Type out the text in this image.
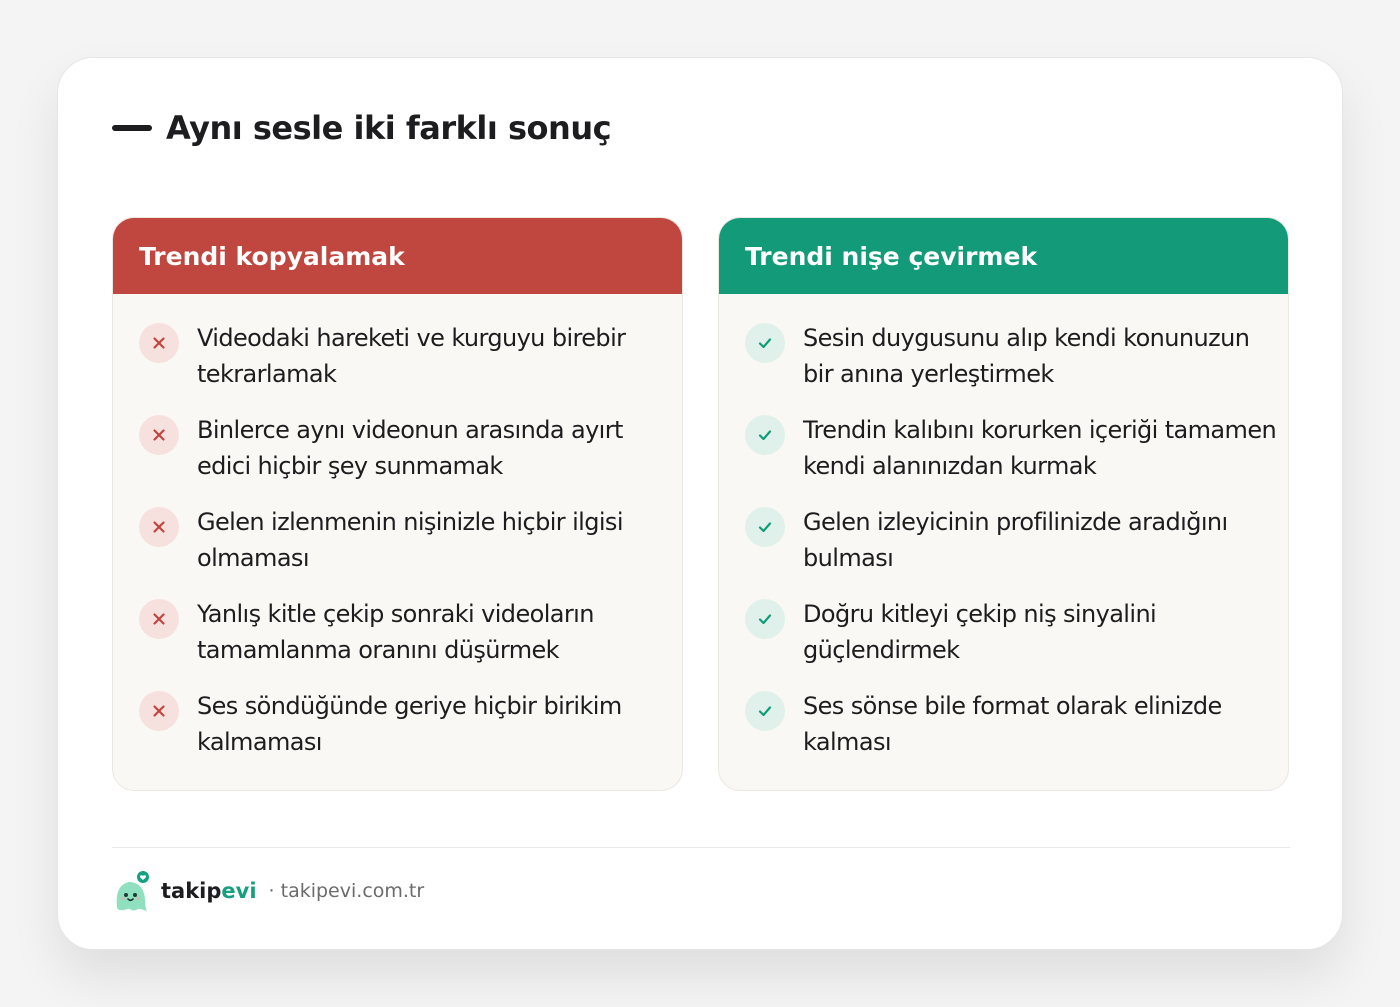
Aynı sesle iki farklı sonuç
Trendi kopyalamak
Videodaki hareketi ve kurguyu birebir tekrarlamak
Binlerce aynı videonun arasında ayırt edici hiçbir şey sunmamak
Gelen izlenmenin nişinizle hiçbir ilgisi olmaması
Yanlış kitle çekip sonraki videoların tamamlanma oranını düşürmek
Ses söndüğünde geriye hiçbir birikim kalmaması
Trendi nişe çevirmek
Sesin duygusunu alıp kendi konunuzun bir anına yerleştirmek
Trendin kalıbını korurken içeriği tamamen kendi alanınızdan kurmak
Gelen izleyicinin profilinizde aradığını bulması
Doğru kitleyi çekip niş sinyalini güçlendirmek
Ses sönse bile format olarak elinizde kalması
takipevi · takipevi.com.tr
